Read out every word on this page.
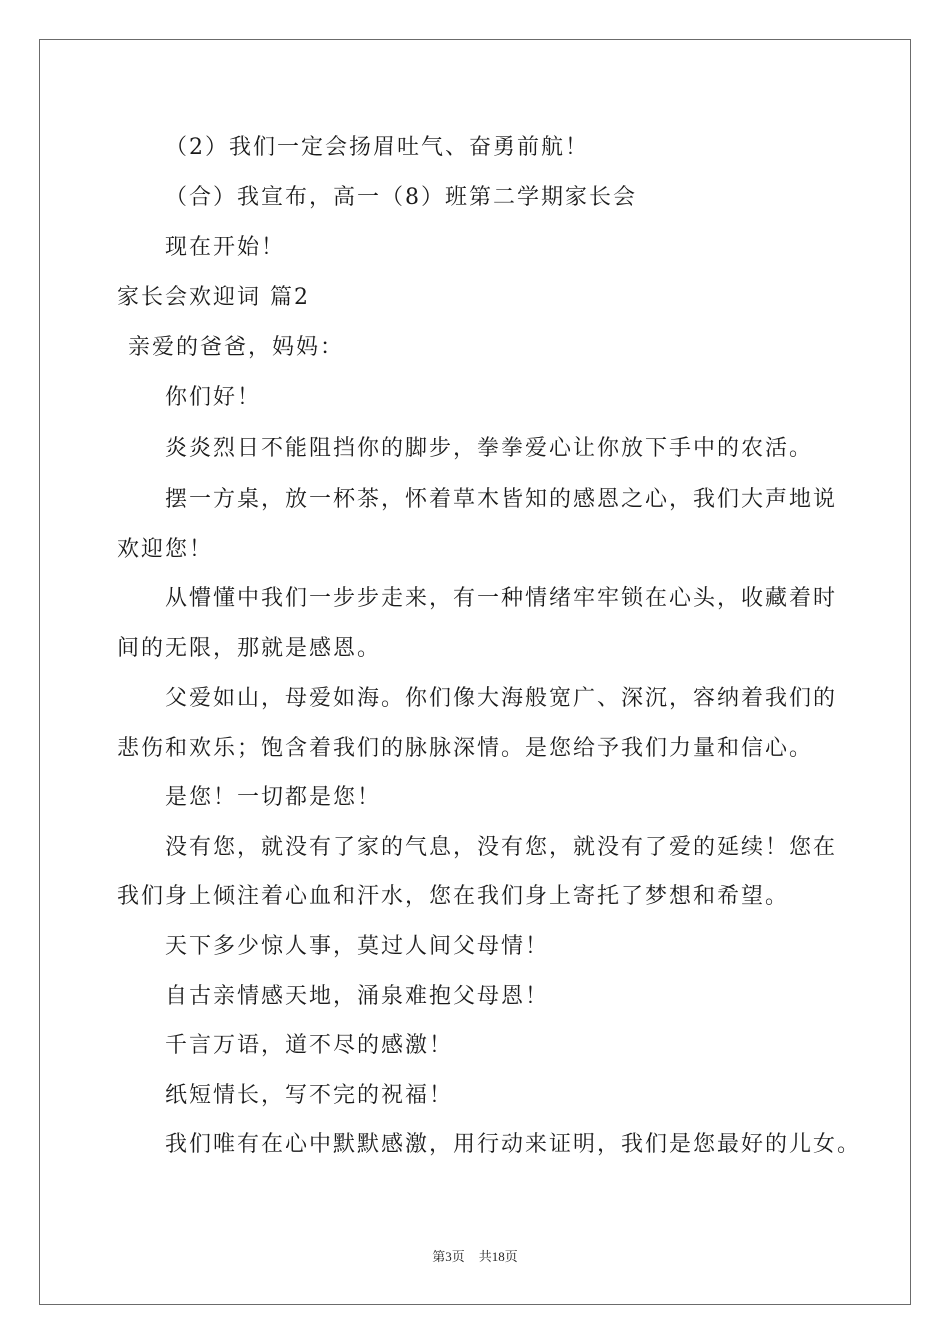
（2）我们一定会扬眉吐气、奋勇前航！
（合）我宣布，高一（8）班第二学期家长会
现在开始！
家长会欢迎词 篇2
亲爱的爸爸，妈妈：
你们好！
炎炎烈日不能阻挡你的脚步，拳拳爱心让你放下手中的农活。
摆一方桌，放一杯茶，怀着草木皆知的感恩之心，我们大声地说
欢迎您！
从懵懂中我们一步步走来，有一种情绪牢牢锁在心头，收藏着时
间的无限，那就是感恩。
父爱如山，母爱如海。你们像大海般宽广、深沉，容纳着我们的
悲伤和欢乐；饱含着我们的脉脉深情。是您给予我们力量和信心。
是您！一切都是您！
没有您，就没有了家的气息，没有您，就没有了爱的延续！您在
我们身上倾注着心血和汗水，您在我们身上寄托了梦想和希望。
天下多少惊人事，莫过人间父母情！
自古亲情感天地，涌泉难抱父母恩！
千言万语，道不尽的感激！
纸短情长，写不完的祝福！
我们唯有在心中默默感激，用行动来证明，我们是您最好的儿女。
第3页 共18页
